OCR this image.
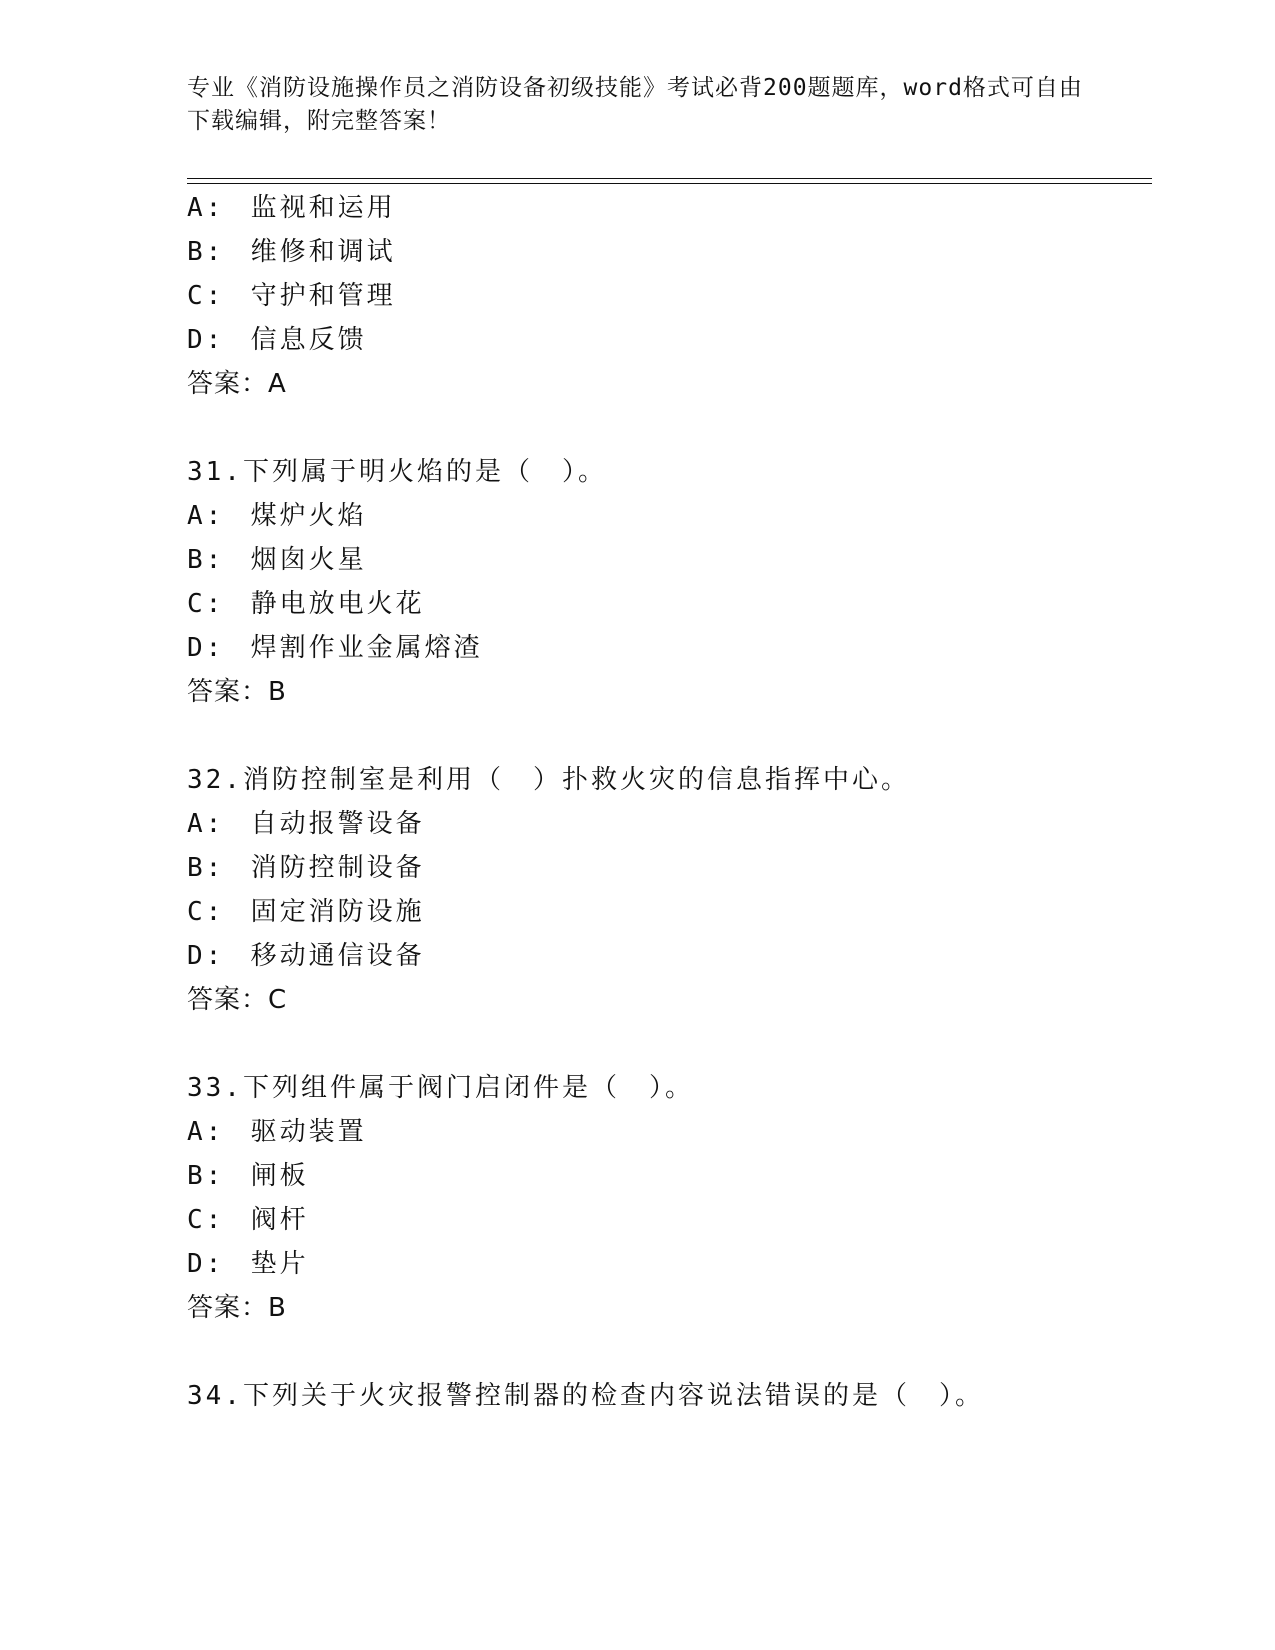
专业《消防设施操作员之消防设备初级技能》考试必背200题题库，word格式可自由下载编辑，附完整答案！
A: 监视和运用
B: 维修和调试
C: 守护和管理
D: 信息反馈
答案：A
31.下列属于明火焰的是（　）。
A: 煤炉火焰
B: 烟囱火星
C: 静电放电火花
D: 焊割作业金属熔渣
答案：B
32.消防控制室是利用（　）扑救火灾的信息指挥中心。
A: 自动报警设备
B: 消防控制设备
C: 固定消防设施
D: 移动通信设备
答案：C
33.下列组件属于阀门启闭件是（　）。
A: 驱动装置
B: 闸板
C: 阀杆
D: 垫片
答案：B
34.下列关于火灾报警控制器的检查内容说法错误的是（　）。
